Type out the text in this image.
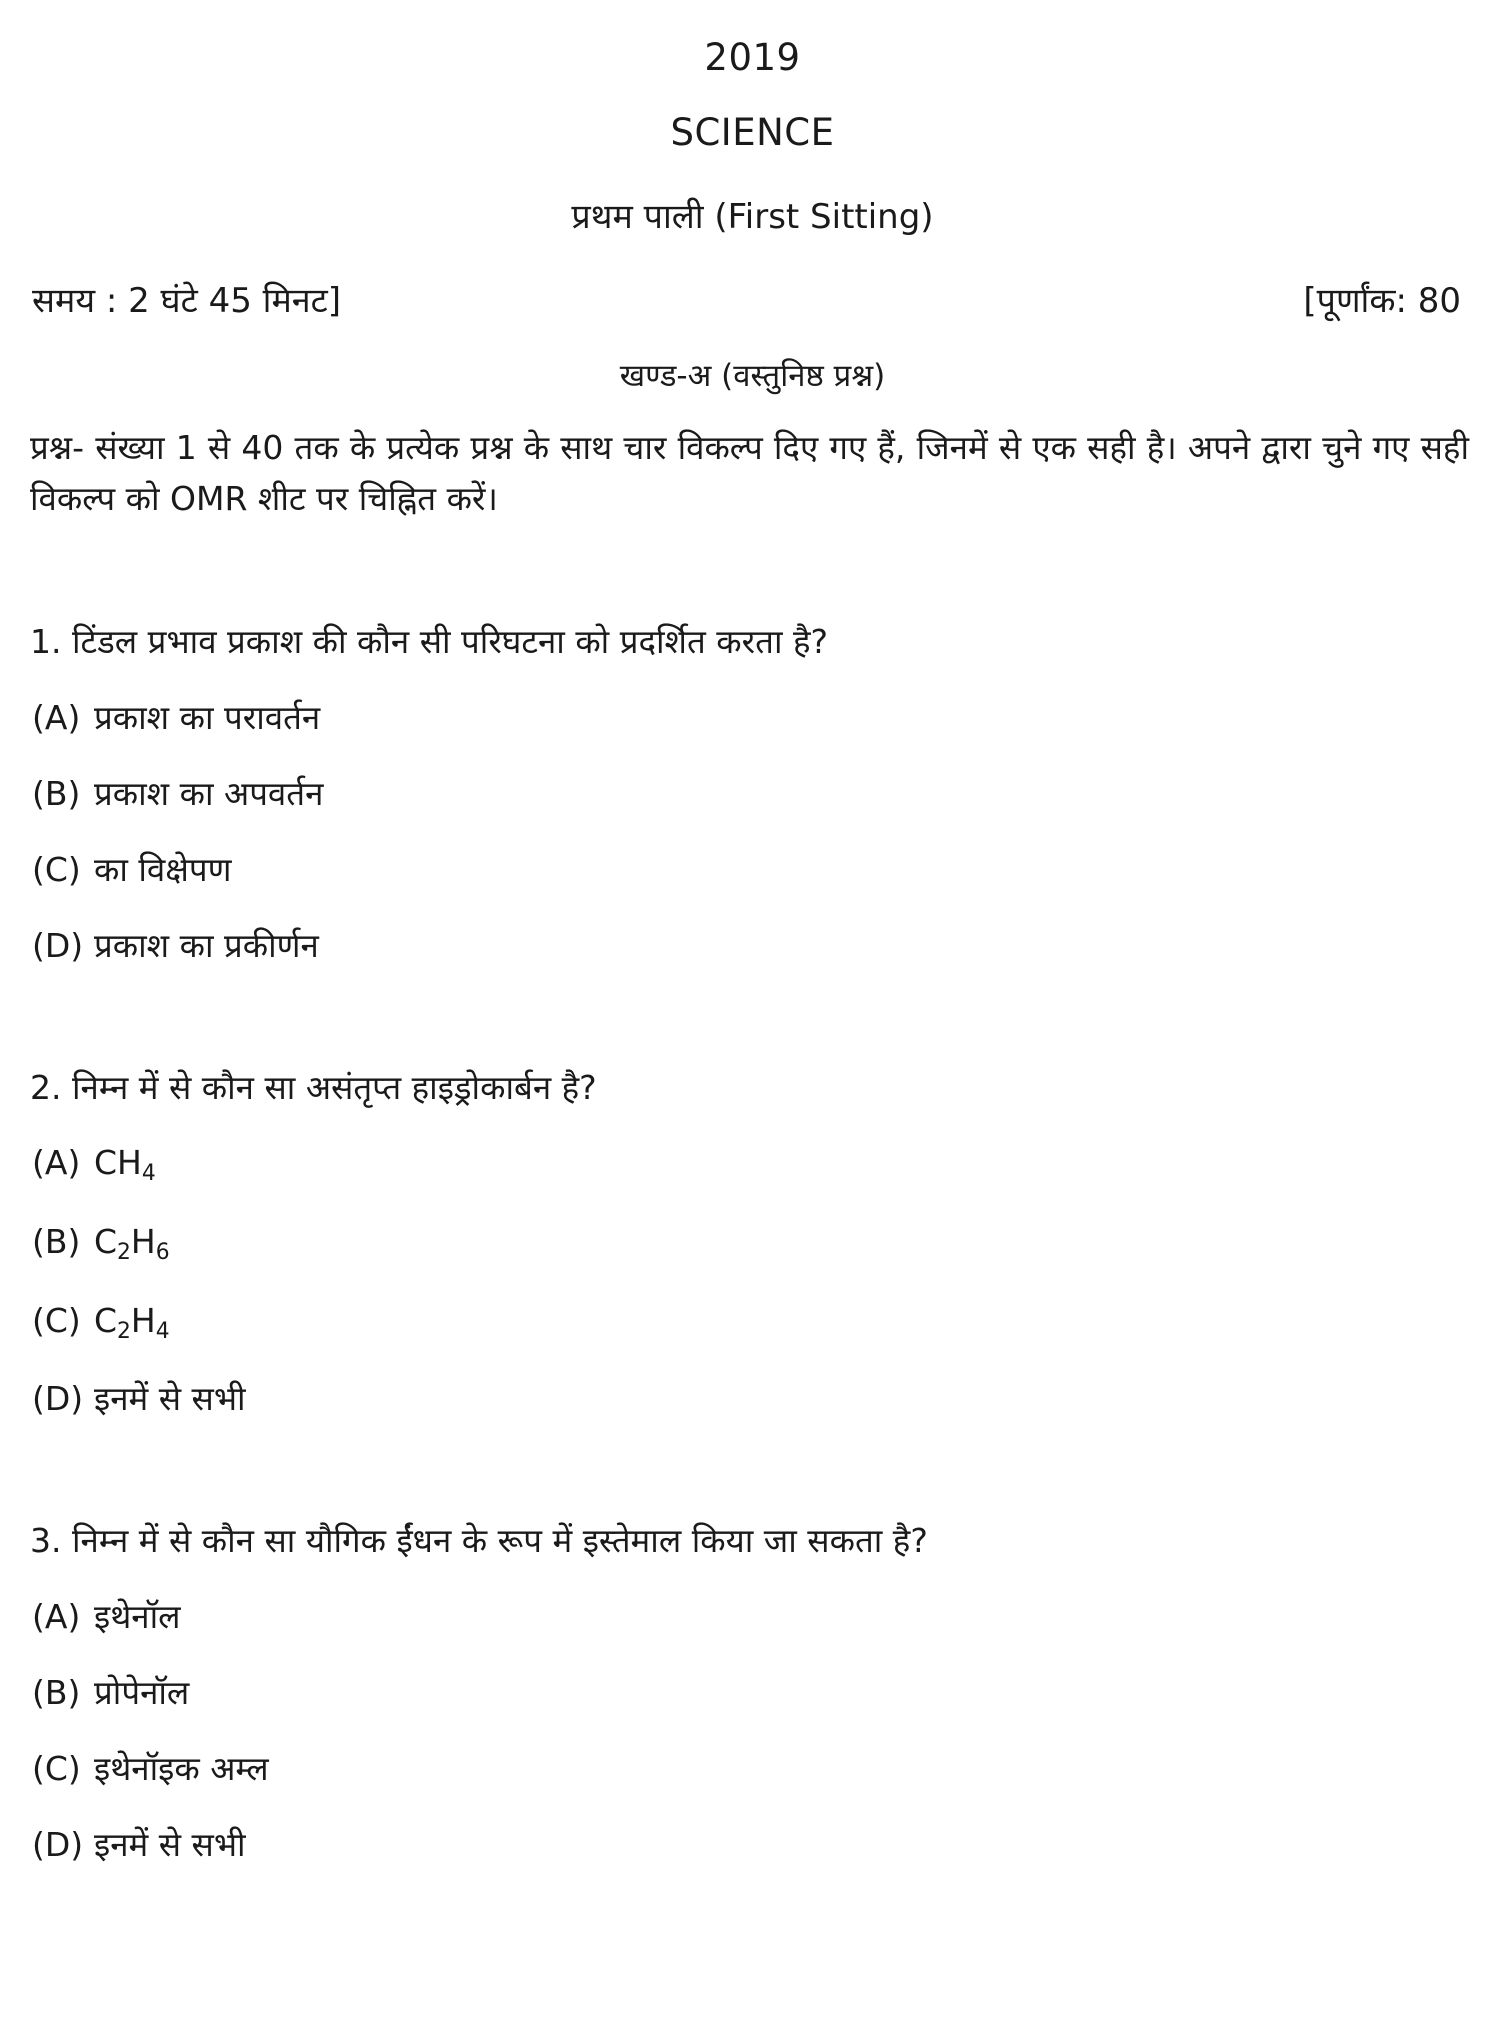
2019
SCIENCE
प्रथम पाली (First Sitting)
समय : 2 घंटे 45 मिनट]	[पूर्णांक: 80
खण्ड-अ (वस्तुनिष्ठ प्रश्न)
प्रश्न- संख्या 1 से 40 तक के प्रत्येक प्रश्न के साथ चार विकल्प दिए गए हैं, जिनमें से एक सही है। अपने द्वारा चुने गए सही विकल्प को OMR शीट पर चिह्नित करें।
1. टिंडल प्रभाव प्रकाश की कौन सी परिघटना को प्रदर्शित करता है?
(A) प्रकाश का परावर्तन
(B) प्रकाश का अपवर्तन
(C) का विक्षेपण
(D) प्रकाश का प्रकीर्णन
2. निम्न में से कौन सा असंतृप्त हाइड्रोकार्बन है?
(A) $CH_4$
(B) $C_2H_6$
(C) $C_2H_4$
(D) इनमें से सभी
3. निम्न में से कौन सा यौगिक ईंधन के रूप में इस्तेमाल किया जा सकता है?
(A) इथेनॉल
(B) प्रोपेनॉल
(C) इथेनॉइक अम्ल
(D) इनमें से सभी
